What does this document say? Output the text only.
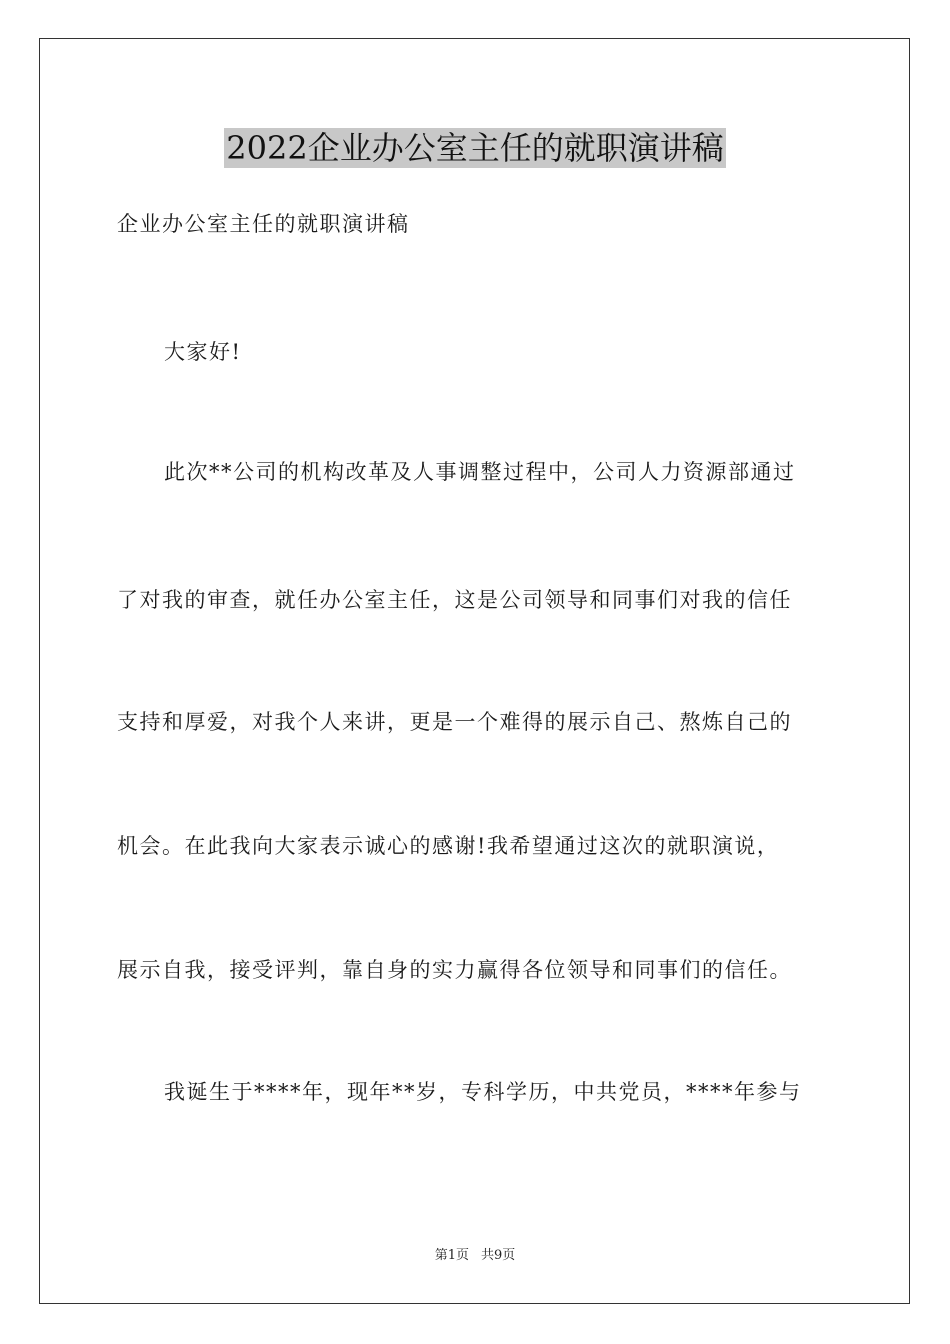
2022企业办公室主任的就职演讲稿
企业办公室主任的就职演讲稿
大家好!
此次**公司的机构改革及人事调整过程中，公司人力资源部通过
了对我的审查，就任办公室主任，这是公司领导和同事们对我的信任
支持和厚爱，对我个人来讲，更是一个难得的展示自己、熬炼自己的
机会。在此我向大家表示诚心的感谢!我希望通过这次的就职演说，
展示自我，接受评判，靠自身的实力赢得各位领导和同事们的信任。
我诞生于****年，现年**岁，专科学历，中共党员，****年参与
第1页 共9页
